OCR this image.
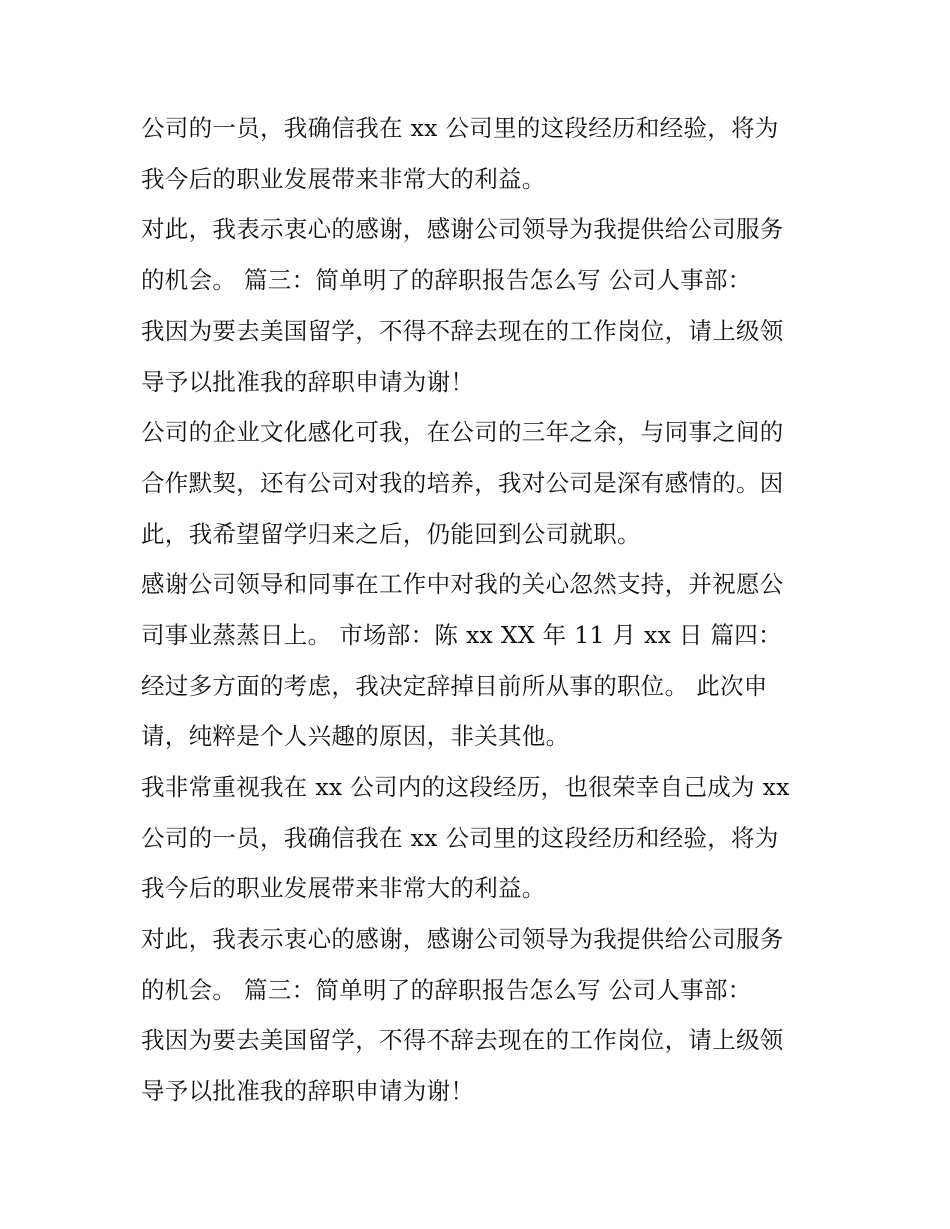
公司的一员，我确信我在 xx 公司里的这段经历和经验，将为
我今后的职业发展带来非常大的利益。
对此，我表示衷心的感谢，感谢公司领导为我提供给公司服务
的机会。 篇三：简单明了的辞职报告怎么写 公司人事部：
我因为要去美国留学，不得不辞去现在的工作岗位，请上级领
导予以批准我的辞职申请为谢！
公司的企业文化感化可我，在公司的三年之余，与同事之间的
合作默契，还有公司对我的培养，我对公司是深有感情的。因
此，我希望留学归来之后，仍能回到公司就职。
感谢公司领导和同事在工作中对我的关心忽然支持，并祝愿公
司事业蒸蒸日上。 市场部：陈 xx XX 年 11 月 xx 日 篇四：
经过多方面的考虑，我决定辞掉目前所从事的职位。 此次申
请，纯粹是个人兴趣的原因，非关其他。
我非常重视我在 xx 公司内的这段经历，也很荣幸自己成为 xx
公司的一员，我确信我在 xx 公司里的这段经历和经验，将为
我今后的职业发展带来非常大的利益。
对此，我表示衷心的感谢，感谢公司领导为我提供给公司服务
的机会。 篇三：简单明了的辞职报告怎么写 公司人事部：
我因为要去美国留学，不得不辞去现在的工作岗位，请上级领
导予以批准我的辞职申请为谢！
